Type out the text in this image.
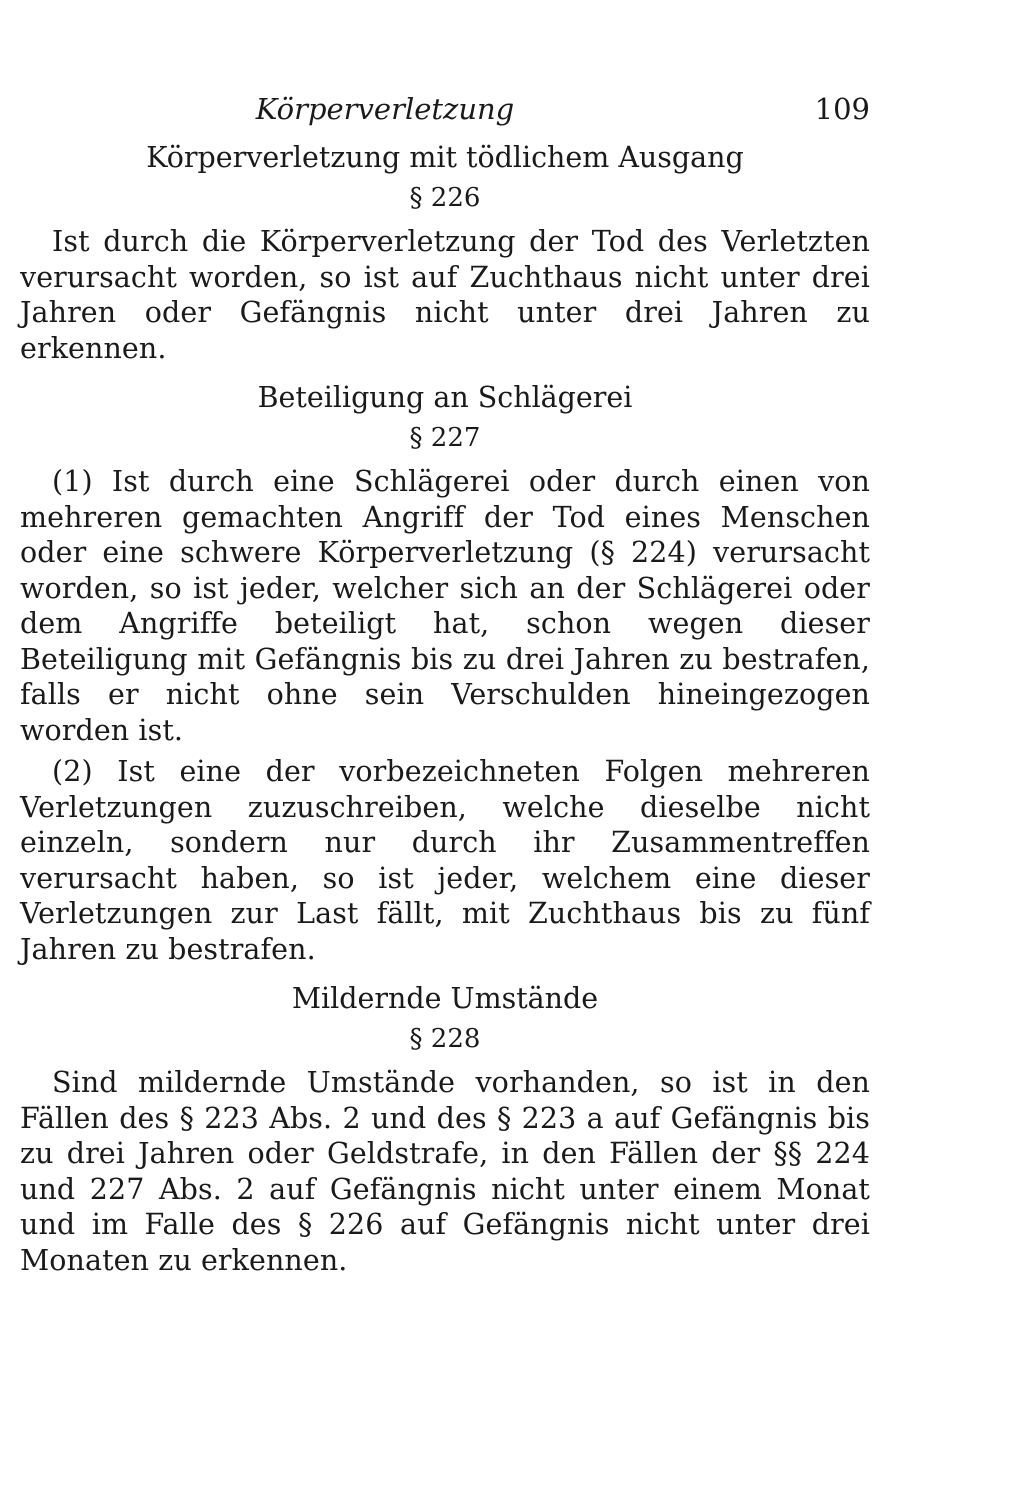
Körperverletzung	109

Körperverletzung mit tödlichem Ausgang

§ 226

Ist durch die Körperverletzung der Tod des Verletzten verursacht worden, so ist auf Zuchthaus nicht unter drei Jahren oder Gefängnis nicht unter drei Jahren zu erkennen.

Beteiligung an Schlägerei

§ 227

(1) Ist durch eine Schlägerei oder durch einen von mehreren gemachten Angriff der Tod eines Menschen oder eine schwere Körperverletzung (§ 224) verursacht worden, so ist jeder, welcher sich an der Schlägerei oder dem Angriffe beteiligt hat, schon wegen dieser Beteiligung mit Gefängnis bis zu drei Jahren zu bestrafen, falls er nicht ohne sein Verschulden hineingezogen worden ist.

(2) Ist eine der vorbezeichneten Folgen mehreren Verletzungen zuzuschreiben, welche dieselbe nicht einzeln, sondern nur durch ihr Zusammentreffen verursacht haben, so ist jeder, welchem eine dieser Verletzungen zur Last fällt, mit Zuchthaus bis zu fünf Jahren zu bestrafen.

Mildernde Umstände

§ 228

Sind mildernde Umstände vorhanden, so ist in den Fällen des § 223 Abs. 2 und des § 223 a auf Gefängnis bis zu drei Jahren oder Geldstrafe, in den Fällen der §§ 224 und 227 Abs. 2 auf Gefängnis nicht unter einem Monat und im Falle des § 226 auf Gefängnis nicht unter drei Monaten zu erkennen.
